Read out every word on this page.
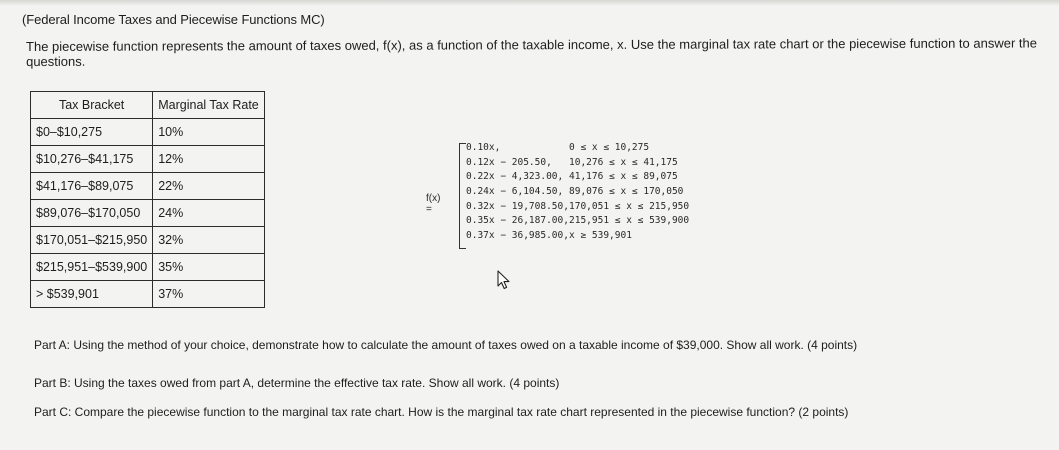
(Federal Income Taxes and Piecewise Functions MC)
The piecewise function represents the amount of taxes owed, f(x), as a function of the taxable income, x. Use the marginal tax rate chart or the piecewise function to answer the questions.
Tax Bracket	Marginal Tax Rate
$0–$10,275	10%
$10,276–$41,175	12%
$41,176–$89,075	22%
$89,076–$170,050	24%
$170,051–$215,950	32%
$215,951–$539,900	35%
> $539,901	37%
f(x) =
0.10x,	0 ≤ x ≤ 10,275
0.12x − 205.50, 10,276 ≤ x ≤ 41,175
0.22x − 4,323.00, 41,176 ≤ x ≤ 89,075
0.24x − 6,104.50, 89,076 ≤ x ≤ 170,050
0.32x − 19,708.50, 170,051 ≤ x ≤ 215,950
0.35x − 26,187.00, 215,951 ≤ x ≤ 539,900
0.37x − 36,985.00, x ≥ 539,901
Part A: Using the method of your choice, demonstrate how to calculate the amount of taxes owed on a taxable income of $39,000. Show all work. (4 points)
Part B: Using the taxes owed from part A, determine the effective tax rate. Show all work. (4 points)
Part C: Compare the piecewise function to the marginal tax rate chart. How is the marginal tax rate chart represented in the piecewise function? (2 points)
